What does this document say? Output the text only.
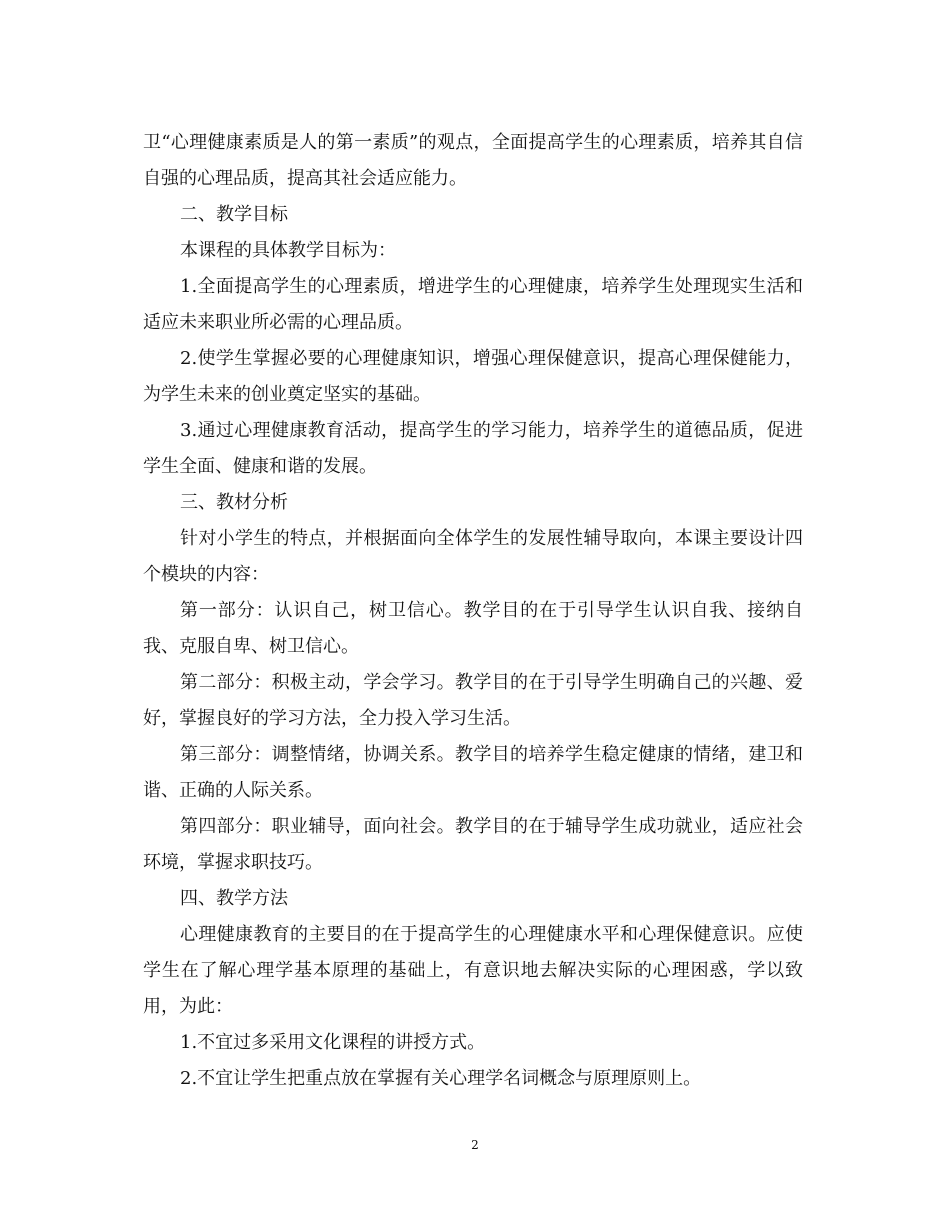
卫“心理健康素质是人的第一素质”的观点，全面提高学生的心理素质，培养其自信自强的心理品质，提高其社会适应能力。

二、教学目标

本课程的具体教学目标为：

1.全面提高学生的心理素质，增进学生的心理健康，培养学生处理现实生活和适应未来职业所必需的心理品质。

2.使学生掌握必要的心理健康知识，增强心理保健意识，提高心理保健能力，为学生未来的创业奠定坚实的基础。

3.通过心理健康教育活动，提高学生的学习能力，培养学生的道德品质，促进学生全面、健康和谐的发展。

三、教材分析

针对小学生的特点，并根据面向全体学生的发展性辅导取向，本课主要设计四个模块的内容：

第一部分：认识自己，树卫信心。教学目的在于引导学生认识自我、接纳自我、克服自卑、树卫信心。

第二部分：积极主动，学会学习。教学目的在于引导学生明确自己的兴趣、爱好，掌握良好的学习方法，全力投入学习生活。

第三部分：调整情绪，协调关系。教学目的培养学生稳定健康的情绪，建卫和谐、正确的人际关系。

第四部分：职业辅导，面向社会。教学目的在于辅导学生成功就业，适应社会环境，掌握求职技巧。

四、教学方法

心理健康教育的主要目的在于提高学生的心理健康水平和心理保健意识。应使学生在了解心理学基本原理的基础上，有意识地去解决实际的心理困惑，学以致用，为此：

1.不宜过多采用文化课程的讲授方式。

2.不宜让学生把重点放在掌握有关心理学名词概念与原理原则上。

2
